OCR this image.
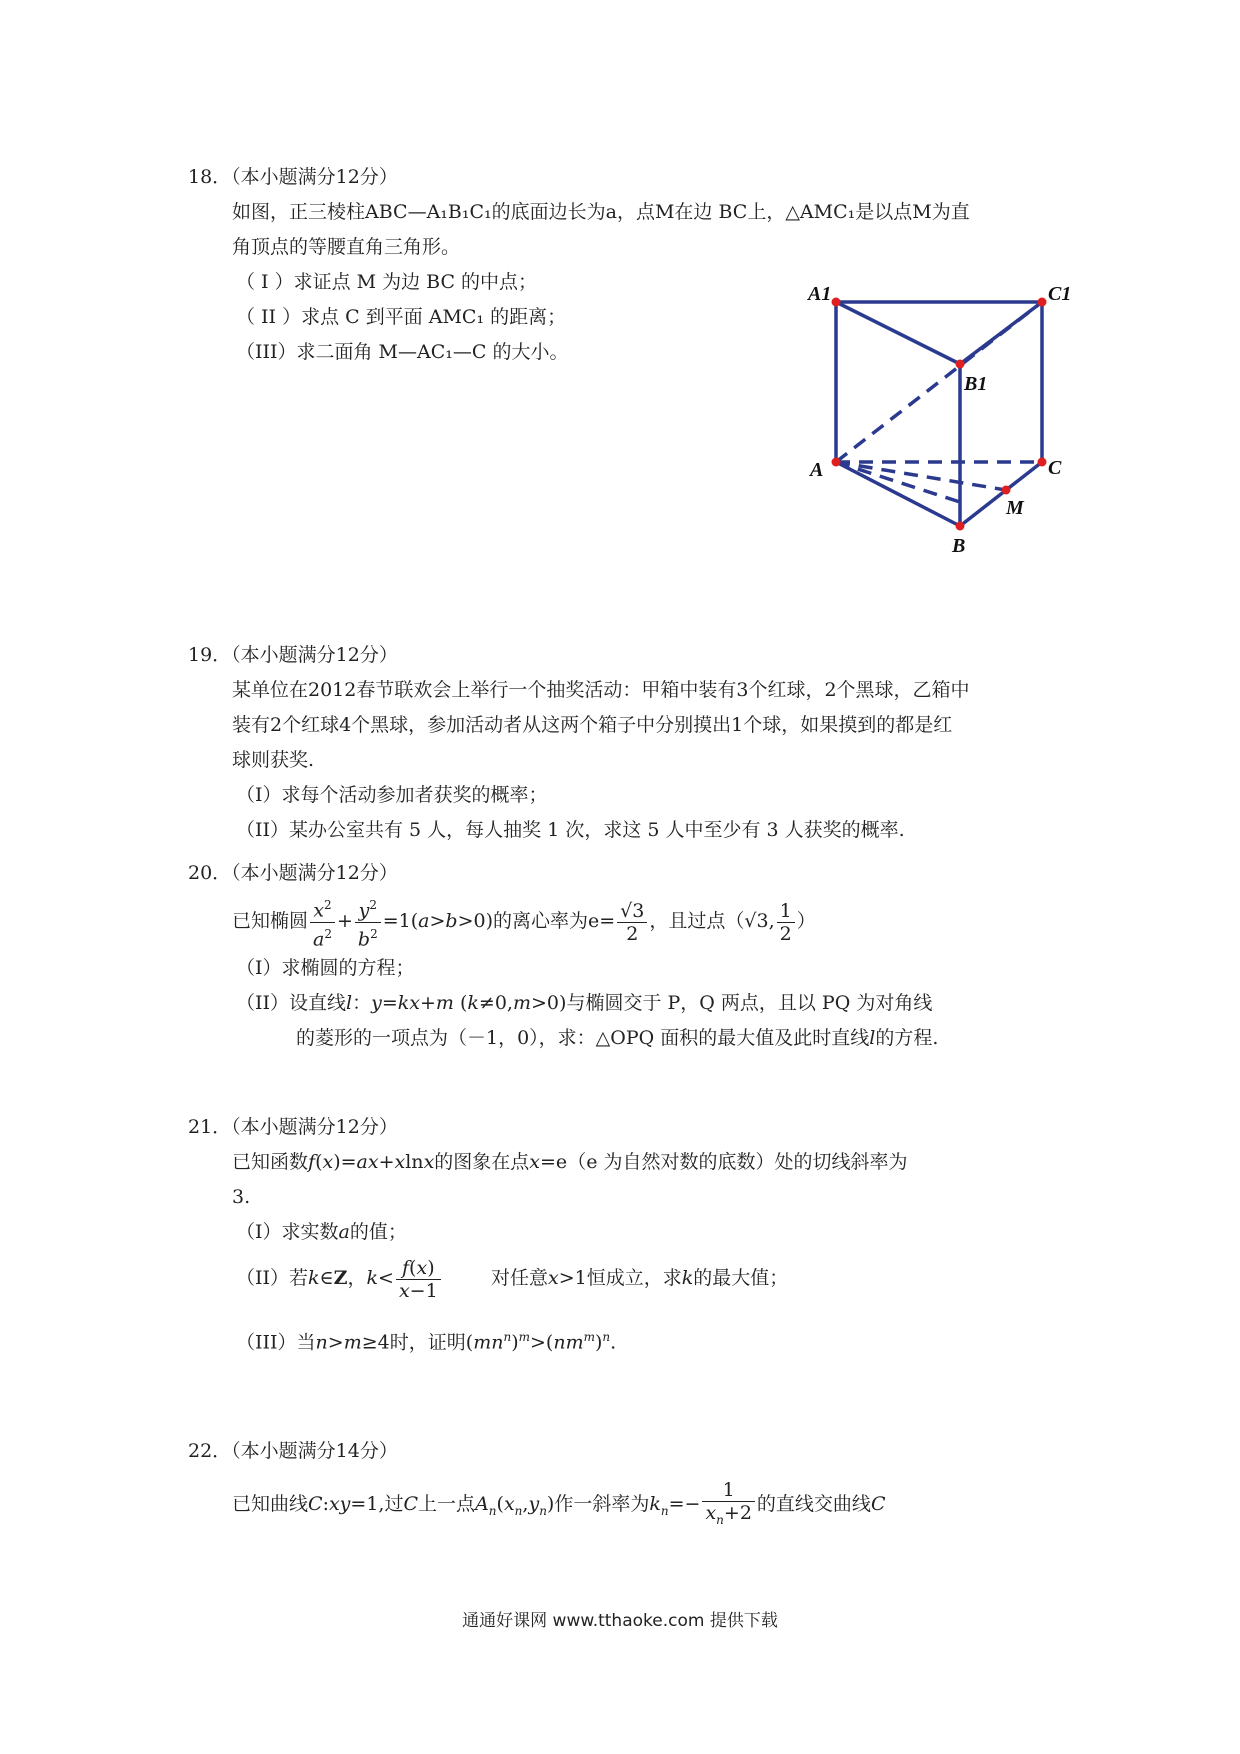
18．（本小题满分12分）
如图，正三棱柱ABC—A₁B₁C₁的底面边长为a，点M在边 BC上，△AMC₁是以点M为直
角顶点的等腰直角三角形。
（ I ）求证点 M 为边 BC 的中点；
（ II ）求点 C 到平面 AMC₁ 的距离；
（III）求二面角 M—AC₁—C 的大小。
A1	C1
B1
A	C
M
B
19．（本小题满分12分）
某单位在2012春节联欢会上举行一个抽奖活动：甲箱中装有3个红球，2个黑球，乙箱中
装有2个红球4个黑球，参加活动者从这两个箱子中分别摸出1个球，如果摸到的都是红
球则获奖.
（I）求每个活动参加者获奖的概率；
（II）某办公室共有 5 人，每人抽奖 1 次，求这 5 人中至少有 3 人获奖的概率.
20．（本小题满分12分）
已知椭圆 $\frac{x^2}{a^2} + \frac{y^2}{b^2} =1(a>b>0)$的离心率为$e= \frac{√3}{2}$ ，且过点（√3, $\frac{1}{2}$ ）
（I）求椭圆的方程；
（II）设直线l：y=kx+m (k≠0,m>0)与椭圆交于 P，Q 两点，且以 PQ 为对角线
的菱形的一项点为（－1，0），求：△OPQ 面积的最大值及此时直线l的方程.
21．（本小题满分12分）
已知函数f(x)=ax+xlnx的图象在点x=e（e 为自然对数的底数）处的切线斜率为
3.
（I）求实数a的值；
（II）若k∈Z，$k< \frac{f(x)}{x-1}$	对任意x>1恒成立，求k的最大值；
（III）当n>m≥4时，证明$(mn^n)^m>(nm^m)^n$.
22．（本小题满分14分）
已知曲线C:xy=1,过C上一点$A_n(x_n,y_n)$作一斜率为$k_n=- \frac{1}{x_n+2}$ 的直线交曲线C
通通好课网 www.tthaoke.com 提供下载
